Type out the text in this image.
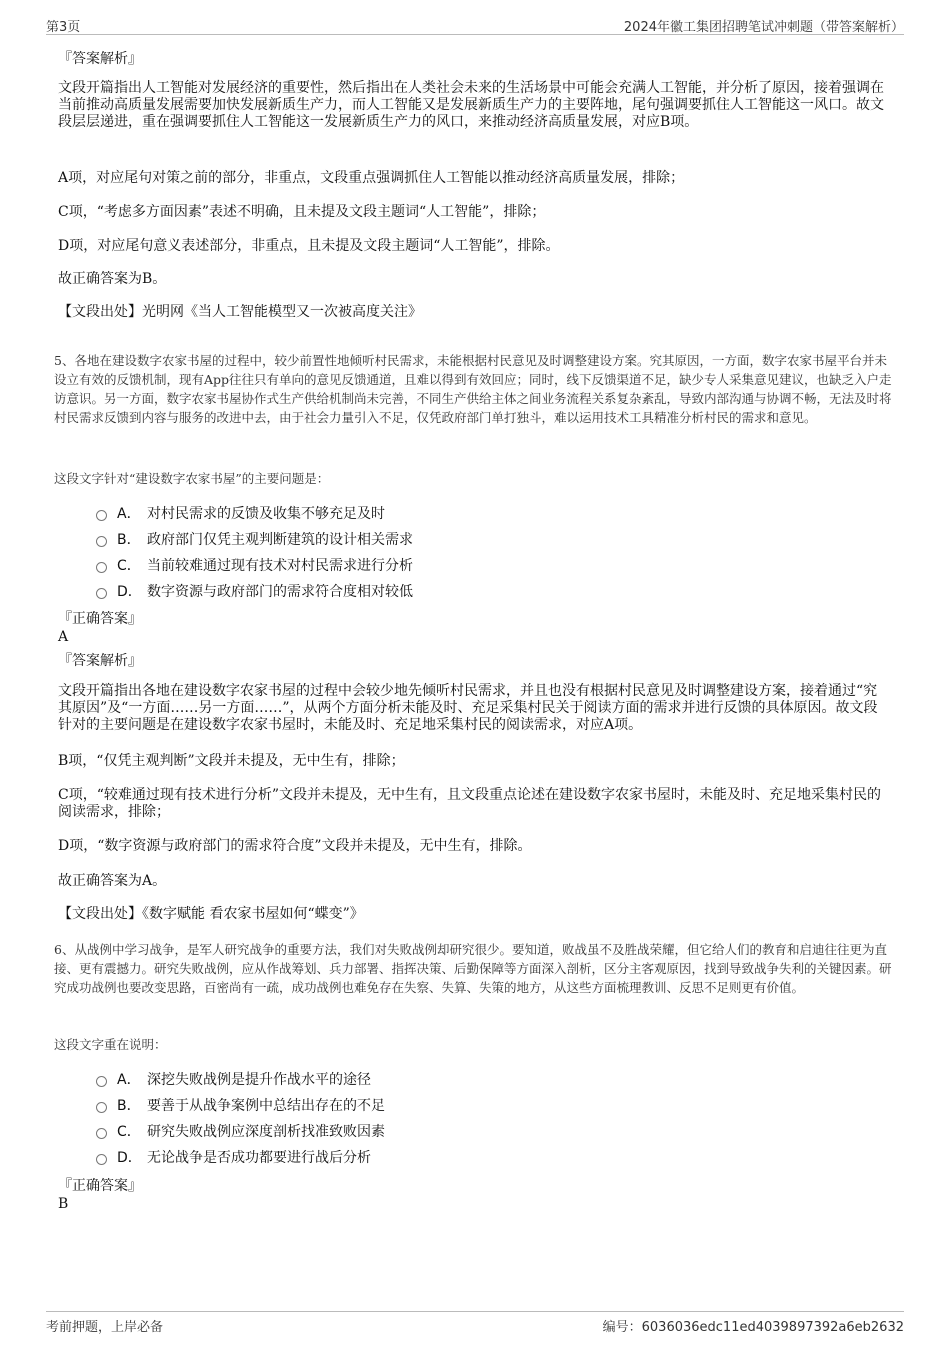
第3页	2024年徽工集团招聘笔试冲刺题（带答案解析）
『答案解析』
文段开篇指出人工智能对发展经济的重要性，然后指出在人类社会未来的生活场景中可能会充满人工智能，并分析了原因，接着强调在当前推动高质量发展需要加快发展新质生产力，而人工智能又是发展新质生产力的主要阵地，尾句强调要抓住人工智能这一风口。故文段层层递进，重在强调要抓住人工智能这一发展新质生产力的风口，来推动经济高质量发展，对应B项。
A项，对应尾句对策之前的部分，非重点，文段重点强调抓住人工智能以推动经济高质量发展，排除；
C项，“考虑多方面因素”表述不明确，且未提及文段主题词“人工智能”，排除；
D项，对应尾句意义表述部分，非重点，且未提及文段主题词“人工智能”，排除。
故正确答案为B。
【文段出处】光明网《当人工智能模型又一次被高度关注》
5、各地在建设数字农家书屋的过程中，较少前置性地倾听村民需求，未能根据村民意见及时调整建设方案。究其原因，一方面，数字农家书屋平台并未设立有效的反馈机制，现有App往往只有单向的意见反馈通道，且难以得到有效回应；同时，线下反馈渠道不足，缺少专人采集意见建议，也缺乏入户走访意识。另一方面，数字农家书屋协作式生产供给机制尚未完善，不同生产供给主体之间业务流程关系复杂紊乱，导致内部沟通与协调不畅，无法及时将村民需求反馈到内容与服务的改进中去，由于社会力量引入不足，仅凭政府部门单打独斗，难以运用技术工具精准分析村民的需求和意见。
这段文字针对“建设数字农家书屋”的主要问题是：
A． 对村民需求的反馈及收集不够充足及时
B． 政府部门仅凭主观判断建筑的设计相关需求
C． 当前较难通过现有技术对村民需求进行分析
D． 数字资源与政府部门的需求符合度相对较低
『正确答案』
A
『答案解析』
文段开篇指出各地在建设数字农家书屋的过程中会较少地先倾听村民需求，并且也没有根据村民意见及时调整建设方案，接着通过“究其原因”及“一方面……另一方面……”，从两个方面分析未能及时、充足采集村民关于阅读方面的需求并进行反馈的具体原因。故文段针对的主要问题是在建设数字农家书屋时，未能及时、充足地采集村民的阅读需求，对应A项。
B项，“仅凭主观判断”文段并未提及，无中生有，排除；
C项，“较难通过现有技术进行分析”文段并未提及，无中生有，且文段重点论述在建设数字农家书屋时，未能及时、充足地采集村民的阅读需求，排除；
D项，“数字资源与政府部门的需求符合度”文段并未提及，无中生有，排除。
故正确答案为A。
【文段出处】《数字赋能 看农家书屋如何“蝶变”》
6、从战例中学习战争，是军人研究战争的重要方法，我们对失败战例却研究很少。要知道，败战虽不及胜战荣耀，但它给人们的教育和启迪往往更为直接、更有震撼力。研究失败战例，应从作战筹划、兵力部署、指挥决策、后勤保障等方面深入剖析，区分主客观原因，找到导致战争失利的关键因素。研究成功战例也要改变思路，百密尚有一疏，成功战例也难免存在失察、失算、失策的地方，从这些方面梳理教训、反思不足则更有价值。
这段文字重在说明：
A． 深挖失败战例是提升作战水平的途径
B． 要善于从战争案例中总结出存在的不足
C． 研究失败战例应深度剖析找准致败因素
D． 无论战争是否成功都要进行战后分析
『正确答案』
B
考前押题，上岸必备	编号：6036036edc11ed4039897392a6eb2632
